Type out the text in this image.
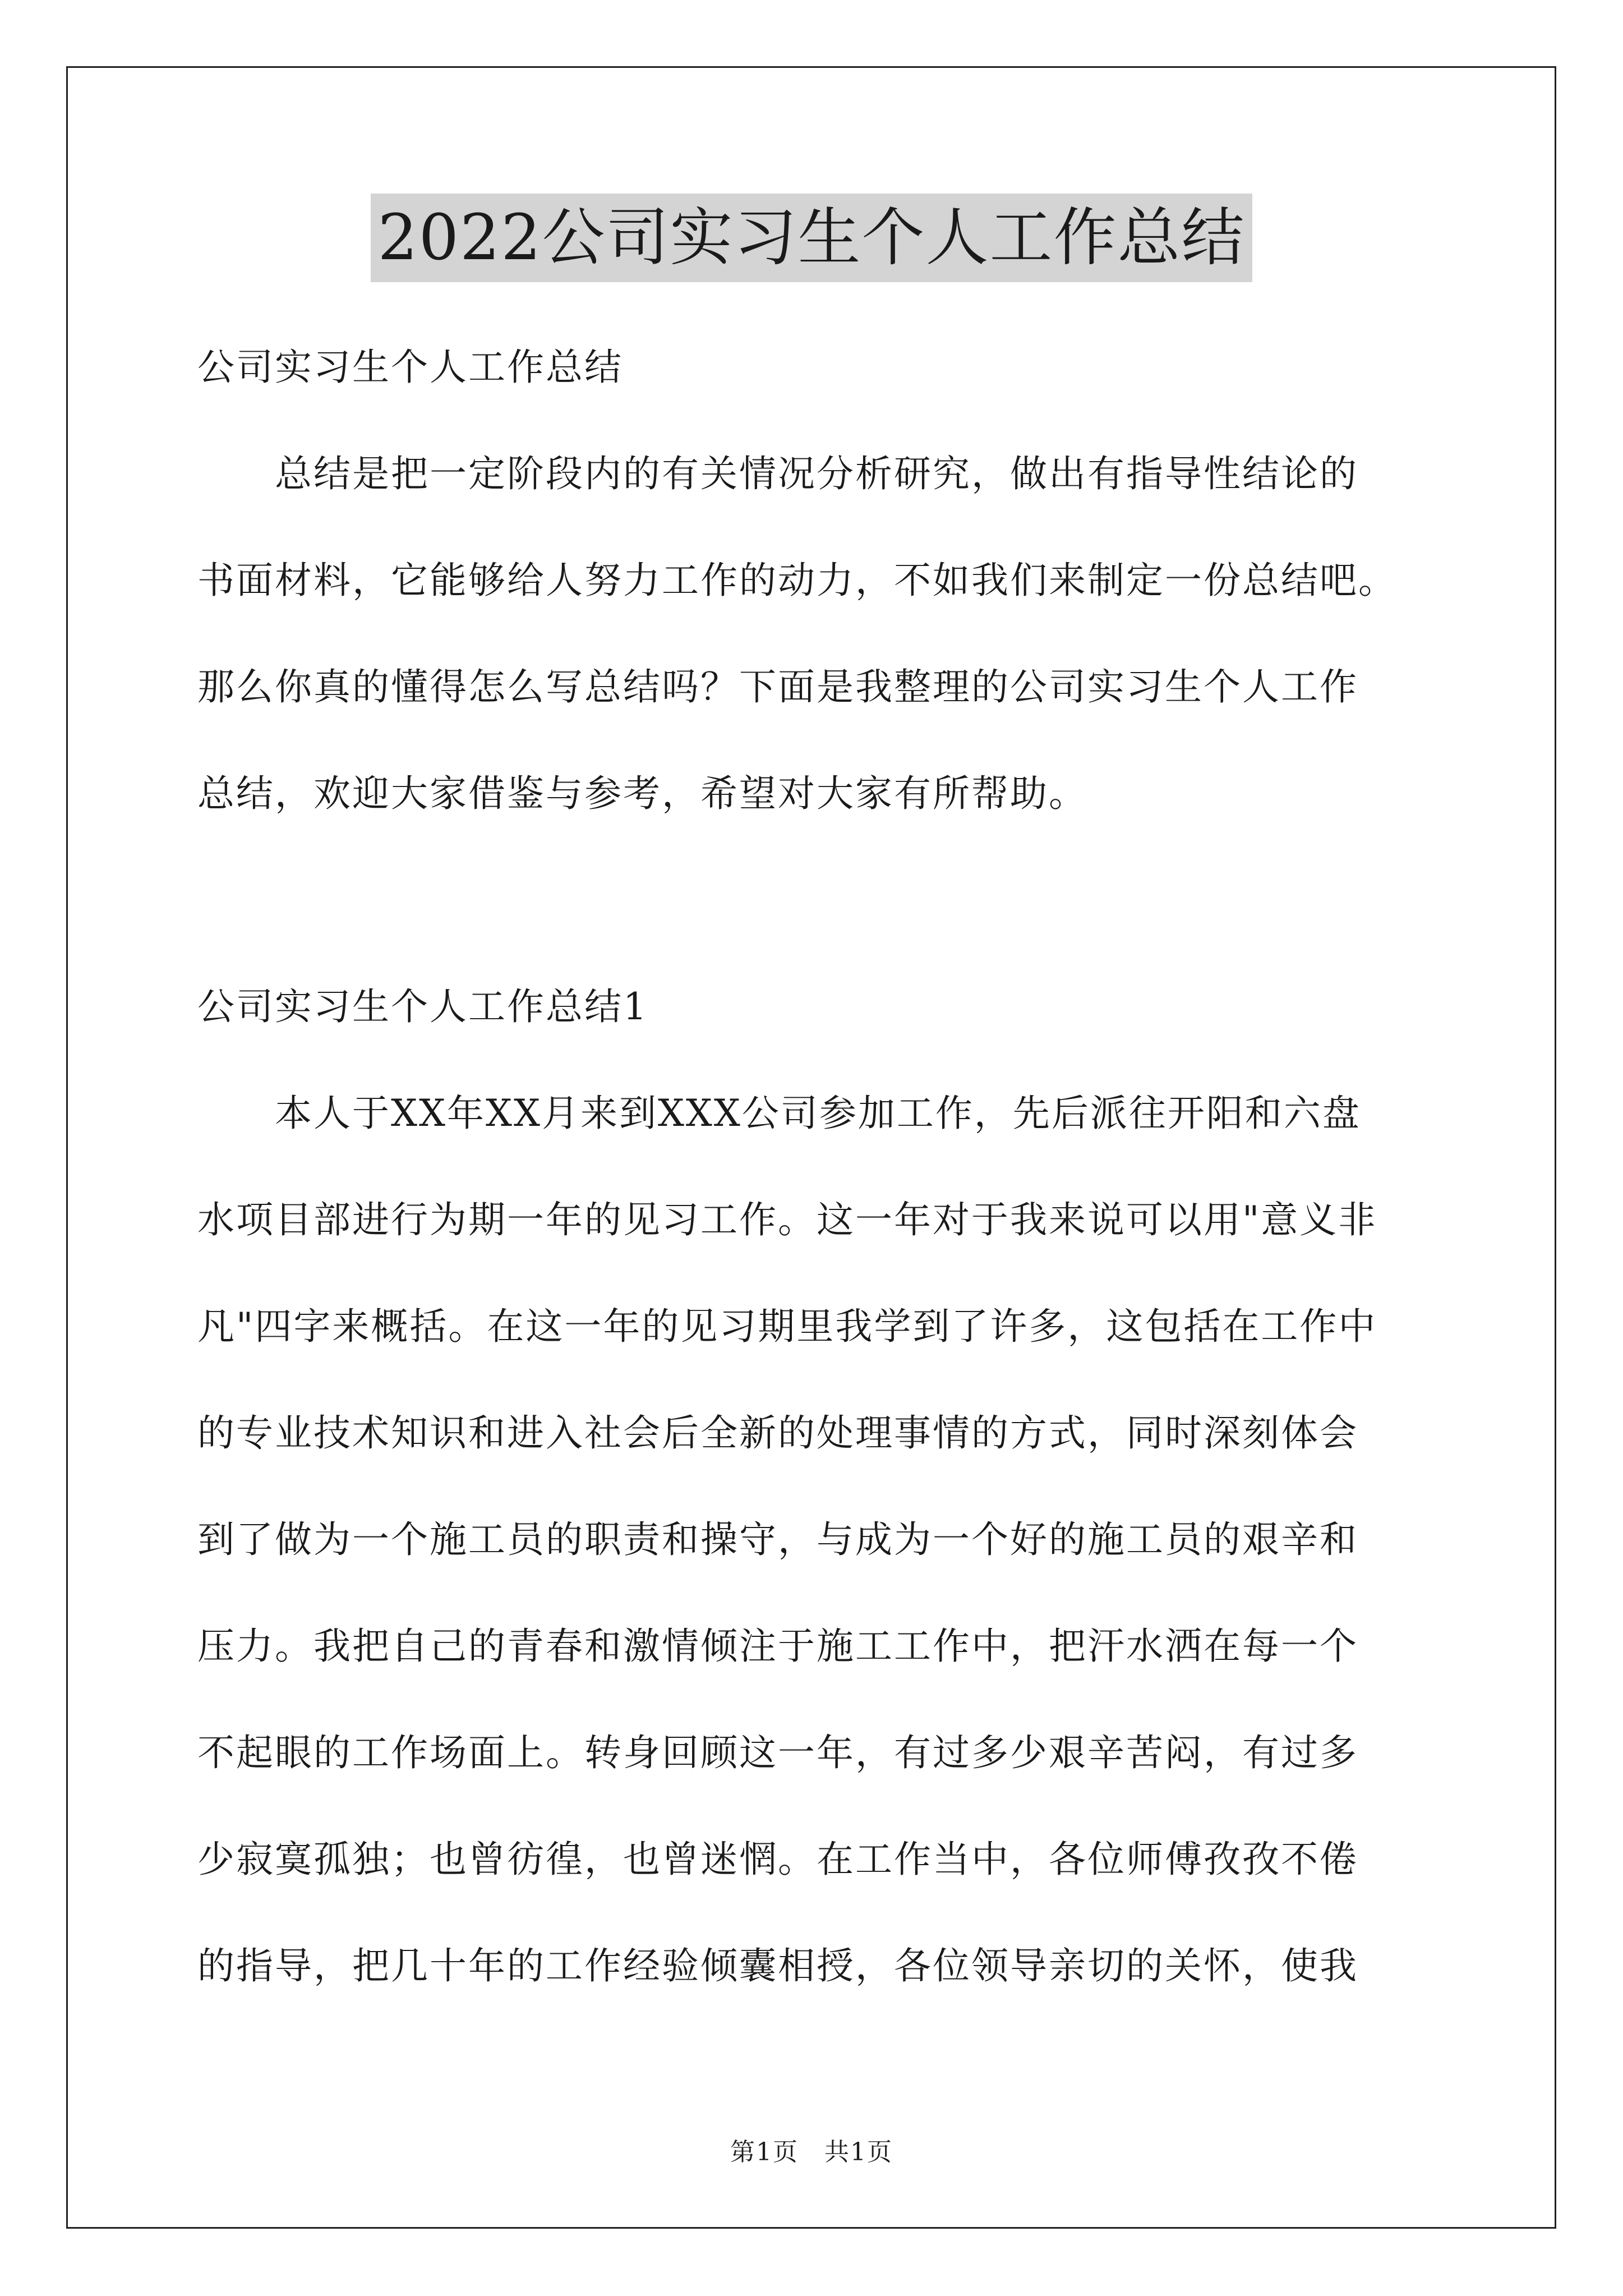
2022公司实习生个人工作总结
公司实习生个人工作总结
　　总结是把一定阶段内的有关情况分析研究，做出有指导性结论的
书面材料，它能够给人努力工作的动力，不如我们来制定一份总结吧。
那么你真的懂得怎么写总结吗？下面是我整理的公司实习生个人工作
总结，欢迎大家借鉴与参考，希望对大家有所帮助。
公司实习生个人工作总结1
　　本人于XX年XX月来到XXX公司参加工作，先后派往开阳和六盘
水项目部进行为期一年的见习工作。这一年对于我来说可以用"意义非
凡"四字来概括。在这一年的见习期里我学到了许多，这包括在工作中
的专业技术知识和进入社会后全新的处理事情的方式，同时深刻体会
到了做为一个施工员的职责和操守，与成为一个好的施工员的艰辛和
压力。我把自己的青春和激情倾注于施工工作中，把汗水洒在每一个
不起眼的工作场面上。转身回顾这一年，有过多少艰辛苦闷，有过多
少寂寞孤独；也曾彷徨，也曾迷惘。在工作当中，各位师傅孜孜不倦
的指导，把几十年的工作经验倾囊相授，各位领导亲切的关怀，使我
第1页　共1页
